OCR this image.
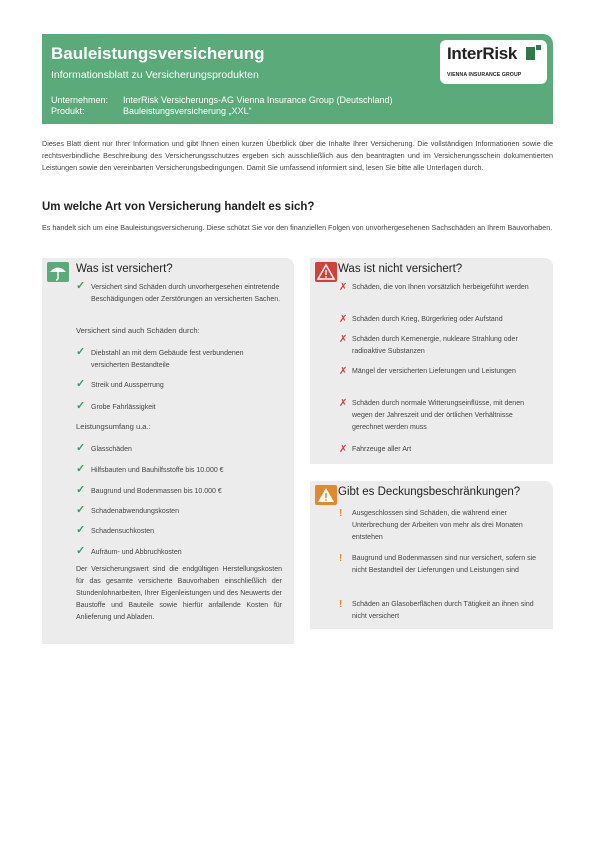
Bauleistungsversicherung
Informationsblatt zu Versicherungsprodukten
Unternehmen: InterRisk Versicherungs-AG Vienna Insurance Group (Deutschland)
Produkt:	Bauleistungsversicherung „XXL“
InterRisk
VIENNA INSURANCE GROUP
Dieses Blatt dient nur Ihrer Information und gibt Ihnen einen kurzen Überblick über die Inhalte Ihrer Versicherung. Die vollständigen Informationen sowie die rechtsverbindliche Beschreibung des Versicherungsschutzes ergeben sich ausschließlich aus den beantragten und im Versicherungsschein dokumentierten Leistungen sowie den vereinbarten Versicherungsbedingungen. Damit Sie umfassend informiert sind, lesen Sie bitte alle Unterlagen durch.
Um welche Art von Versicherung handelt es sich?
Es handelt sich um eine Bauleistungsversicherung. Diese schützt Sie vor den finanziellen Folgen von unvorhergesehenen Sachschäden an Ihrem Bauvorhaben.
Was ist versichert?
✓ Versichert sind Schäden durch unvorhergesehen eintretende Beschädigungen oder Zerstörungen an versicherten Sachen.
Versichert sind auch Schäden durch:
✓ Diebstahl an mit dem Gebäude fest verbundenen versicherten Bestandteile
✓ Streik und Aussperrung
✓ Grobe Fahrlässigkeit
Leistungsumfang u.a.:
✓ Glasschäden
✓ Hilfsbauten und Bauhilfsstoffe bis 10.000 €
✓ Baugrund und Bodenmassen bis 10.000 €
✓ Schadenabwendungskosten
✓ Schadensuchkosten
✓ Aufräum- und Abbruchkosten
Der Versicherungswert sind die endgültigen Herstellungskosten für das gesamte versicherte Bauvorhaben einschließlich der Stundenlohnarbeiten, Ihrer Eigenleistungen und des Neuwerts der Baustoffe und Bauteile sowie hierfür anfallende Kosten für Anlieferung und Abladen.
Was ist nicht versichert?
✗ Schäden, die von Ihnen vorsätzlich herbeigeführt werden
✗ Schäden durch Krieg, Bürgerkrieg oder Aufstand
✗ Schäden durch Kernenergie, nukleare Strahlung oder radioaktive Substanzen
✗ Mängel der versicherten Lieferungen und Leistungen
✗ Schäden durch normale Witterungseinflüsse, mit denen wegen der Jahreszeit und der örtlichen Verhältnisse gerechnet werden muss
✗ Fahrzeuge aller Art
Gibt es Deckungsbeschränkungen?
! Ausgeschlossen sind Schäden, die während einer Unterbrechung der Arbeiten von mehr als drei Monaten entstehen
! Baugrund und Bodenmassen sind nur versichert, sofern sie nicht Bestandteil der Lieferungen und Leistungen sind
! Schäden an Glasoberflächen durch Tätigkeit an ihnen sind nicht versichert
